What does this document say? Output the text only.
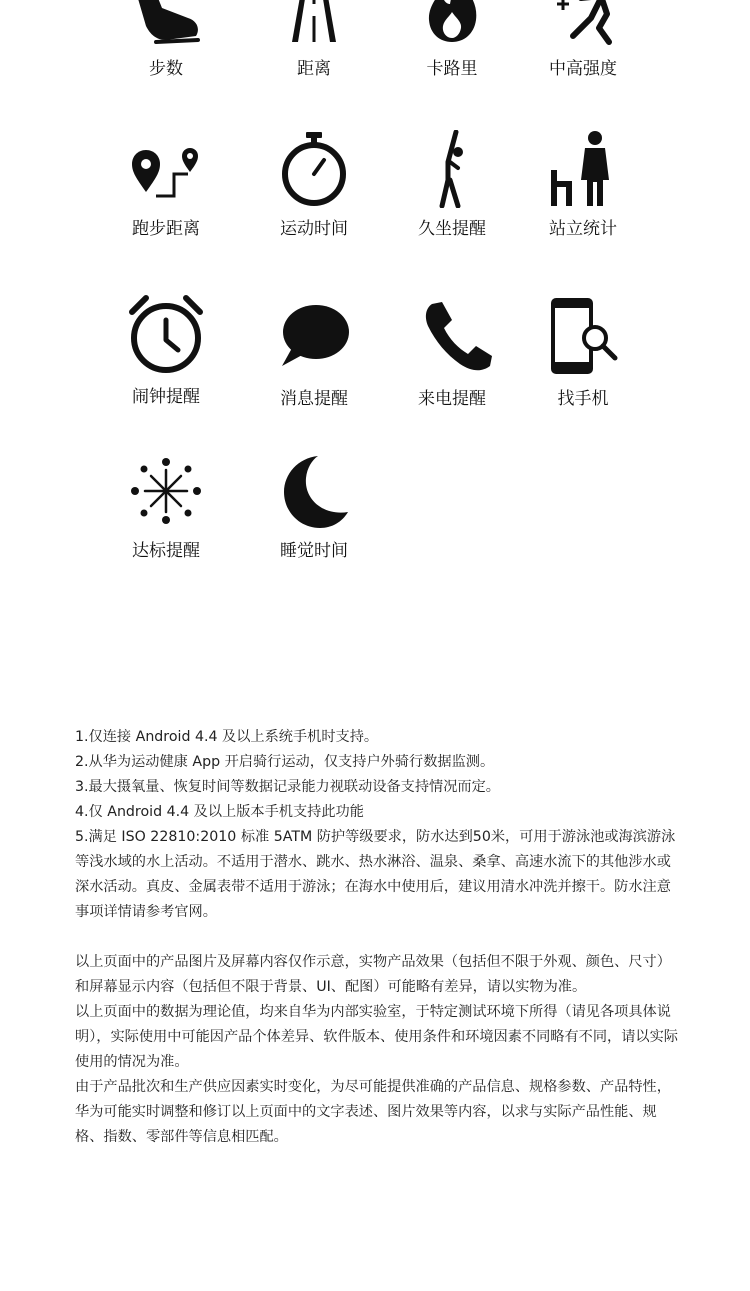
步数	距离	卡路里	中高强度
跑步距离	运动时间	久坐提醒	站立统计
闹钟提醒	消息提醒	来电提醒	找手机
达标提醒	睡觉时间

1.仅连接 Android 4.4 及以上系统手机时支持。

2.从华为运动健康 App 开启骑行运动，仅支持户外骑行数据监测。

3.最大摄氧量、恢复时间等数据记录能力视联动设备支持情况而定。

4.仅 Android 4.4 及以上版本手机支持此功能

5.满足 ISO 22810:2010 标准 5ATM 防护等级要求，防水达到50米，可用于游泳池或海滨游泳等浅水域的水上活动。不适用于潜水、跳水、热水淋浴、温泉、桑拿、高速水流下的其他涉水或深水活动。真皮、金属表带不适用于游泳；在海水中使用后，建议用清水冲洗并擦干。防水注意事项详情请参考官网。

以上页面中的产品图片及屏幕内容仅作示意，实物产品效果（包括但不限于外观、颜色、尺寸）和屏幕显示内容（包括但不限于背景、UI、配图）可能略有差异，请以实物为准。

以上页面中的数据为理论值，均来自华为内部实验室，于特定测试环境下所得（请见各项具体说明），实际使用中可能因产品个体差异、软件版本、使用条件和环境因素不同略有不同，请以实际使用的情况为准。

由于产品批次和生产供应因素实时变化，为尽可能提供准确的产品信息、规格参数、产品特性，华为可能实时调整和修订以上页面中的文字表述、图片效果等内容，以求与实际产品性能、规格、指数、零部件等信息相匹配。
